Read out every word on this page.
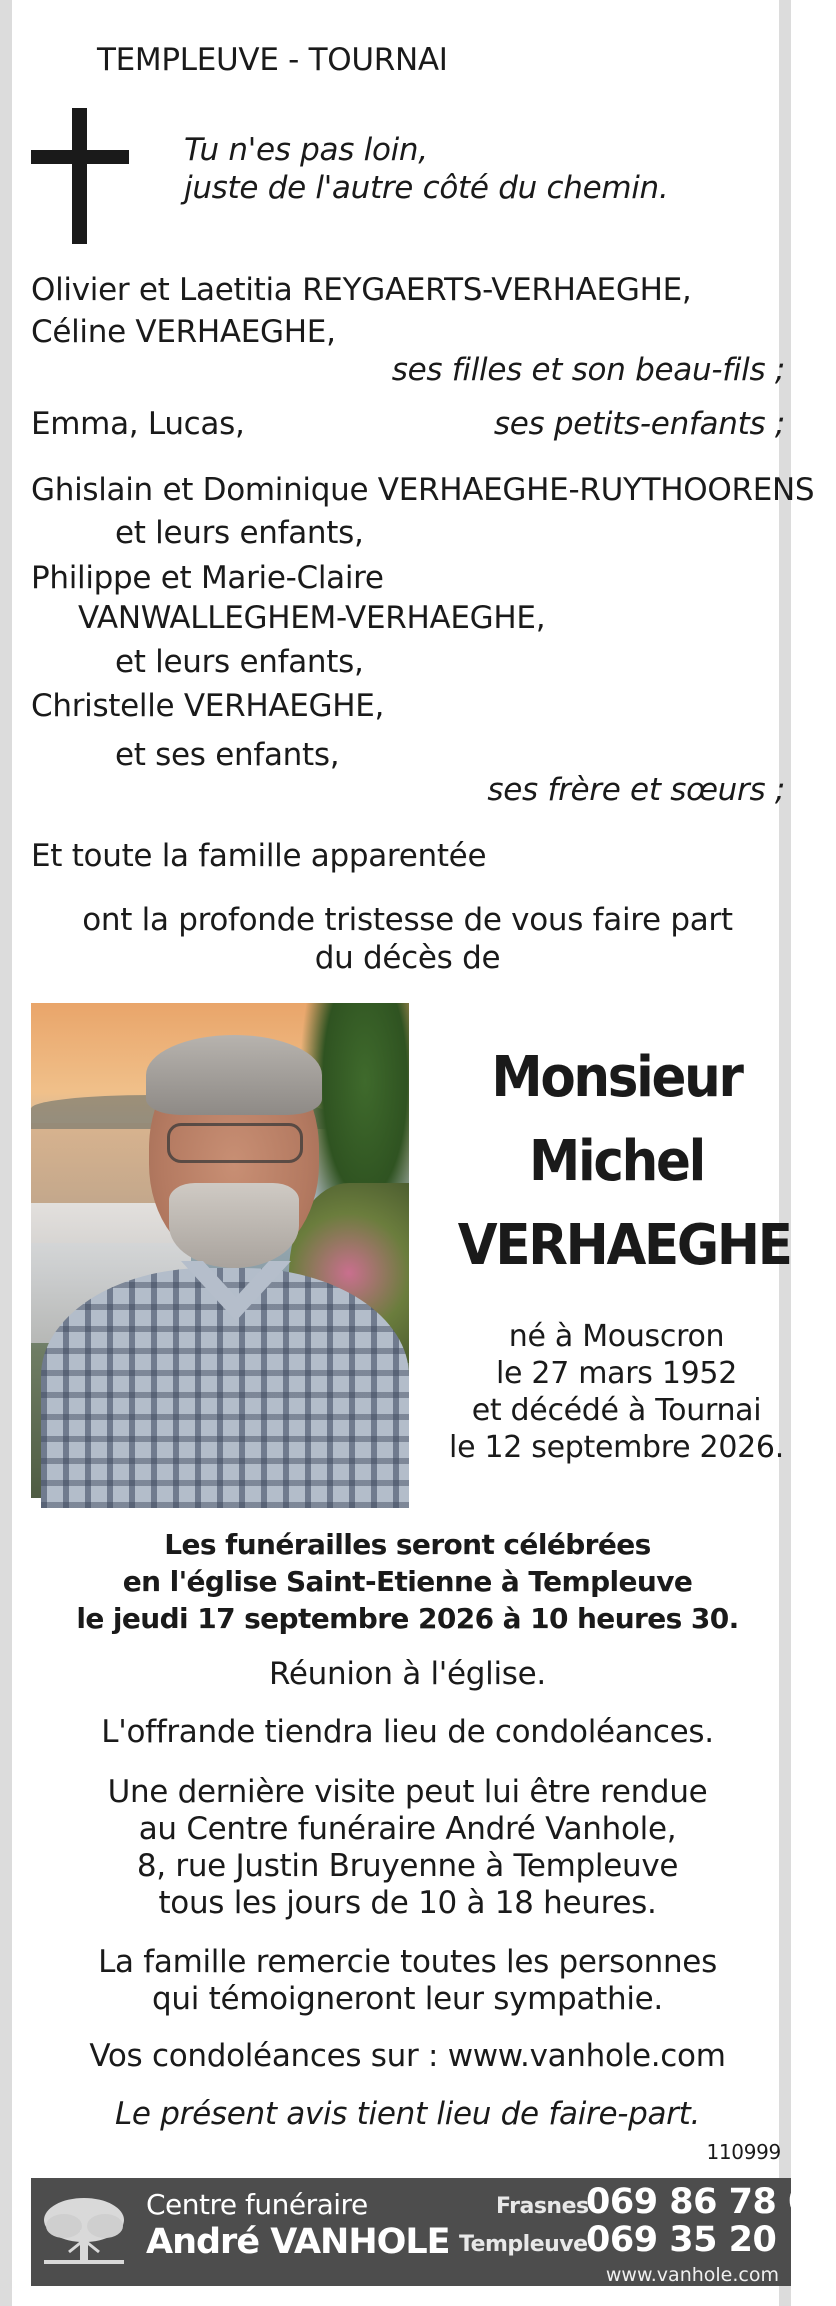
TEMPLEUVE - TOURNAI
Tu n'es pas loin,
juste de l'autre côté du chemin.
Olivier et Laetitia REYGAERTS-VERHAEGHE,
Céline VERHAEGHE,
ses filles et son beau-fils ;
Emma, Lucas,	ses petits-enfants ;
Ghislain et Dominique VERHAEGHE-RUYTHOORENS
et leurs enfants,
Philippe et Marie-Claire
VANWALLEGHEM-VERHAEGHE,
et leurs enfants,
Christelle VERHAEGHE,
et ses enfants,
ses frère et sœurs ;
Et toute la famille apparentée
ont la profonde tristesse de vous faire part
du décès de
Monsieur
Michel
VERHAEGHE
né à Mouscron
le 27 mars 1952
et décédé à Tournai
le 12 septembre 2026.
Les funérailles seront célébrées
en l'église Saint-Etienne à Templeuve
le jeudi 17 septembre 2026 à 10 heures 30.
Réunion à l'église.
L'offrande tiendra lieu de condoléances.
Une dernière visite peut lui être rendue
au Centre funéraire André Vanhole,
8, rue Justin Bruyenne à Templeuve
tous les jours de 10 à 18 heures.
La famille remercie toutes les personnes
qui témoigneront leur sympathie.
Vos condoléances sur : www.vanhole.com
Le présent avis tient lieu de faire-part.
110999
Centre funéraire
André VANHOLE
Frasnes
069 86 78 04
Templeuve
069 35 20 19
www.vanhole.com
